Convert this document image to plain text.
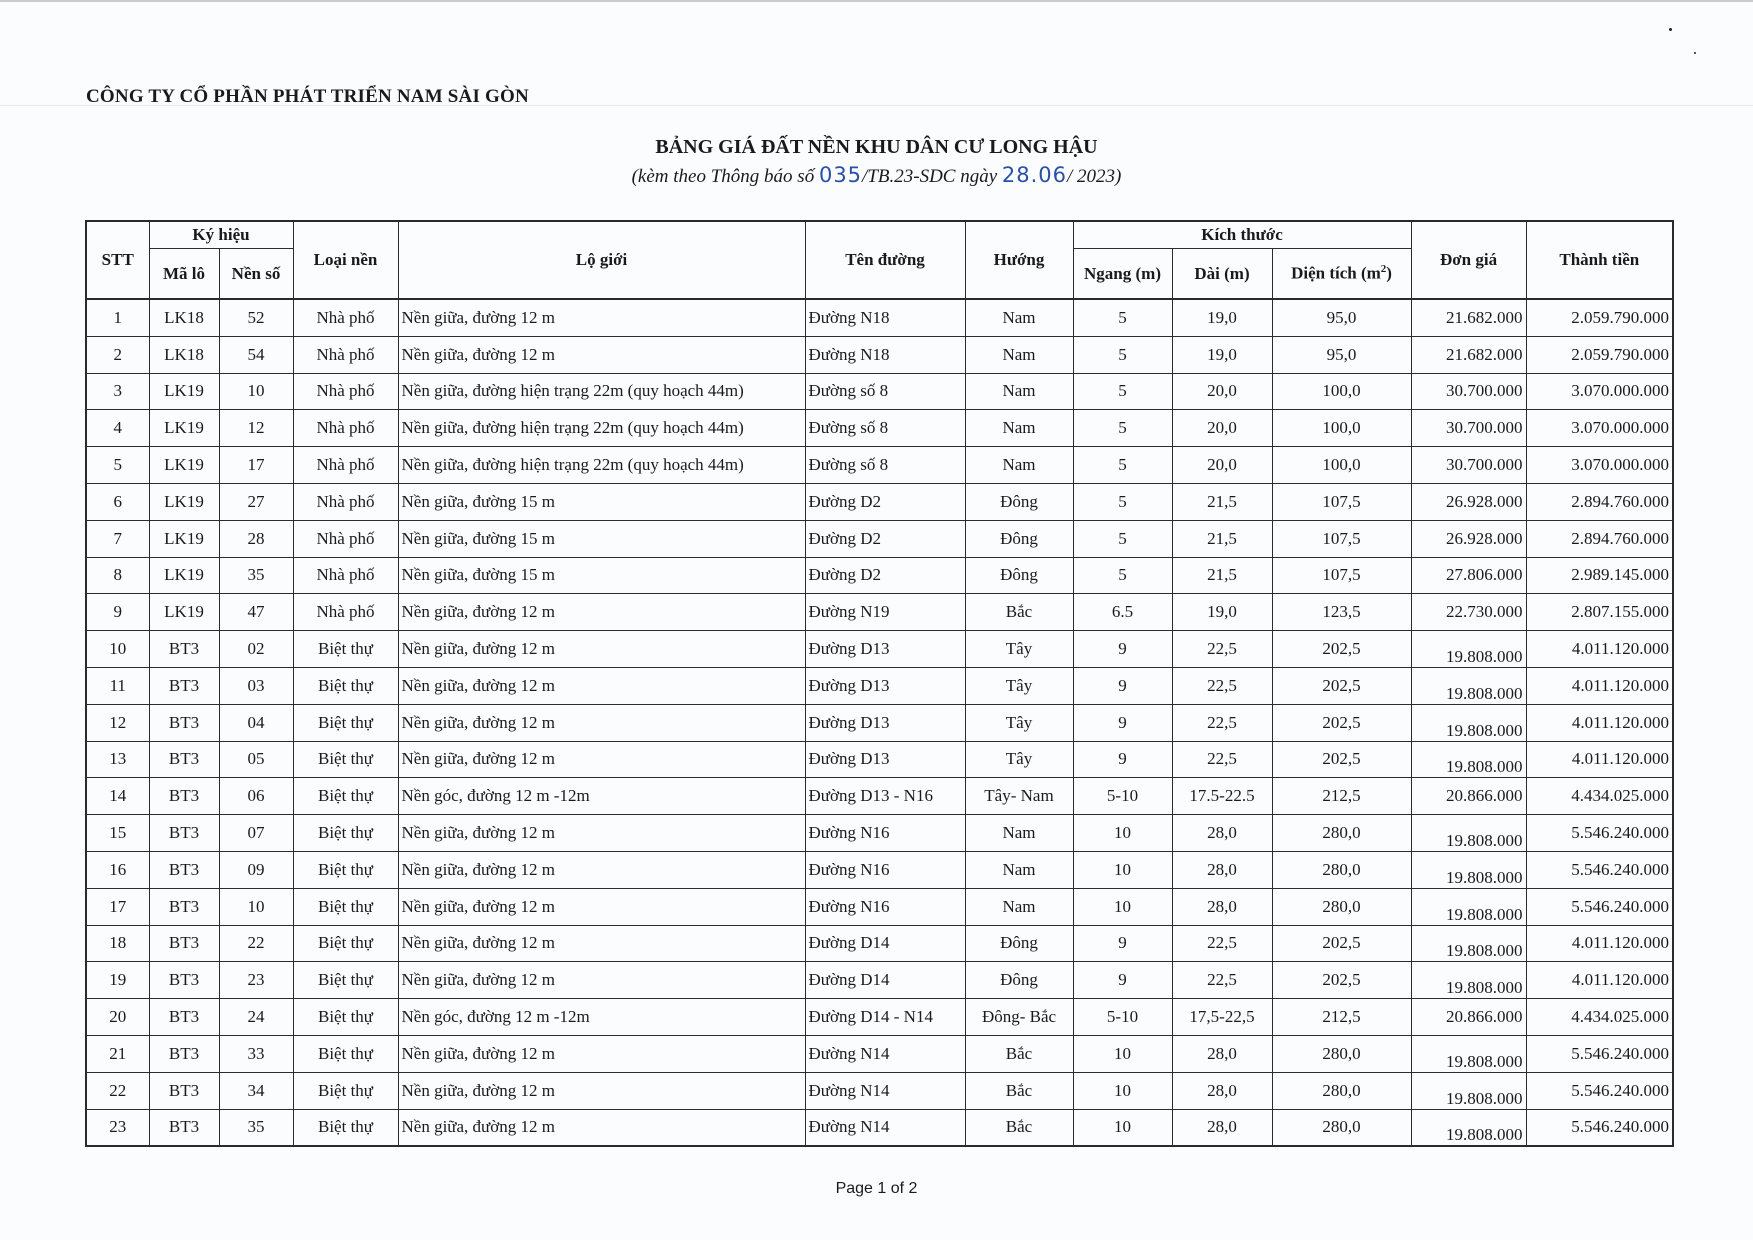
CÔNG TY CỔ PHẦN PHÁT TRIỂN NAM SÀI GÒN
BẢNG GIÁ ĐẤT NỀN KHU DÂN CƯ LONG HẬU
(kèm theo Thông báo số 035/TB.23-SDC ngày 28.06/ 2023)
STT	Ký hiệu		Loại nền	Lộ giới	Tên đường	Hướng	Kích thước			Đơn giá	Thành tiền
	Mã lô	Nền số					Ngang (m)	Dài (m)	Diện tích $(m^2)$		
1	LK18	52	Nhà phố	Nền giữa, đường 12 m	Đường N18	Nam	5	19,0	95,0	21.682.000	2.059.790.000
2	LK18	54	Nhà phố	Nền giữa, đường 12 m	Đường N18	Nam	5	19,0	95,0	21.682.000	2.059.790.000
3	LK19	10	Nhà phố	Nền giữa, đường hiện trạng 22m (quy hoạch 44m)	Đường số 8	Nam	5	20,0	100,0	30.700.000	3.070.000.000
4	LK19	12	Nhà phố	Nền giữa, đường hiện trạng 22m (quy hoạch 44m)	Đường số 8	Nam	5	20,0	100,0	30.700.000	3.070.000.000
5	LK19	17	Nhà phố	Nền giữa, đường hiện trạng 22m (quy hoạch 44m)	Đường số 8	Nam	5	20,0	100,0	30.700.000	3.070.000.000
6	LK19	27	Nhà phố	Nền giữa, đường 15 m	Đường D2	Đông	5	21,5	107,5	26.928.000	2.894.760.000
7	LK19	28	Nhà phố	Nền giữa, đường 15 m	Đường D2	Đông	5	21,5	107,5	26.928.000	2.894.760.000
8	LK19	35	Nhà phố	Nền giữa, đường 15 m	Đường D2	Đông	5	21,5	107,5	27.806.000	2.989.145.000
9	LK19	47	Nhà phố	Nền giữa, đường 12 m	Đường N19	Bắc	6.5	19,0	123,5	22.730.000	2.807.155.000
10	BT3	02	Biệt thự	Nền giữa, đường 12 m	Đường D13	Tây	9	22,5	202,5	19.808.000	4.011.120.000
11	BT3	03	Biệt thự	Nền giữa, đường 12 m	Đường D13	Tây	9	22,5	202,5	19.808.000	4.011.120.000
12	BT3	04	Biệt thự	Nền giữa, đường 12 m	Đường D13	Tây	9	22,5	202,5	19.808.000	4.011.120.000
13	BT3	05	Biệt thự	Nền giữa, đường 12 m	Đường D13	Tây	9	22,5	202,5	19.808.000	4.011.120.000
14	BT3	06	Biệt thự	Nền góc, đường 12 m -12m	Đường D13 - N16	Tây- Nam	5-10	17.5-22.5	212,5	20.866.000	4.434.025.000
15	BT3	07	Biệt thự	Nền giữa, đường 12 m	Đường N16	Nam	10	28,0	280,0	19.808.000	5.546.240.000
16	BT3	09	Biệt thự	Nền giữa, đường 12 m	Đường N16	Nam	10	28,0	280,0	19.808.000	5.546.240.000
17	BT3	10	Biệt thự	Nền giữa, đường 12 m	Đường N16	Nam	10	28,0	280,0	19.808.000	5.546.240.000
18	BT3	22	Biệt thự	Nền giữa, đường 12 m	Đường D14	Đông	9	22,5	202,5	19.808.000	4.011.120.000
19	BT3	23	Biệt thự	Nền giữa, đường 12 m	Đường D14	Đông	9	22,5	202,5	19.808.000	4.011.120.000
20	BT3	24	Biệt thự	Nền góc, đường 12 m -12m	Đường D14 - N14	Đông- Bắc	5-10	17,5-22,5	212,5	20.866.000	4.434.025.000
21	BT3	33	Biệt thự	Nền giữa, đường 12 m	Đường N14	Bắc	10	28,0	280,0	19.808.000	5.546.240.000
22	BT3	34	Biệt thự	Nền giữa, đường 12 m	Đường N14	Bắc	10	28,0	280,0	19.808.000	5.546.240.000
23	BT3	35	Biệt thự	Nền giữa, đường 12 m	Đường N14	Bắc	10	28,0	280,0	19.808.000	5.546.240.000
Page 1 of 2
